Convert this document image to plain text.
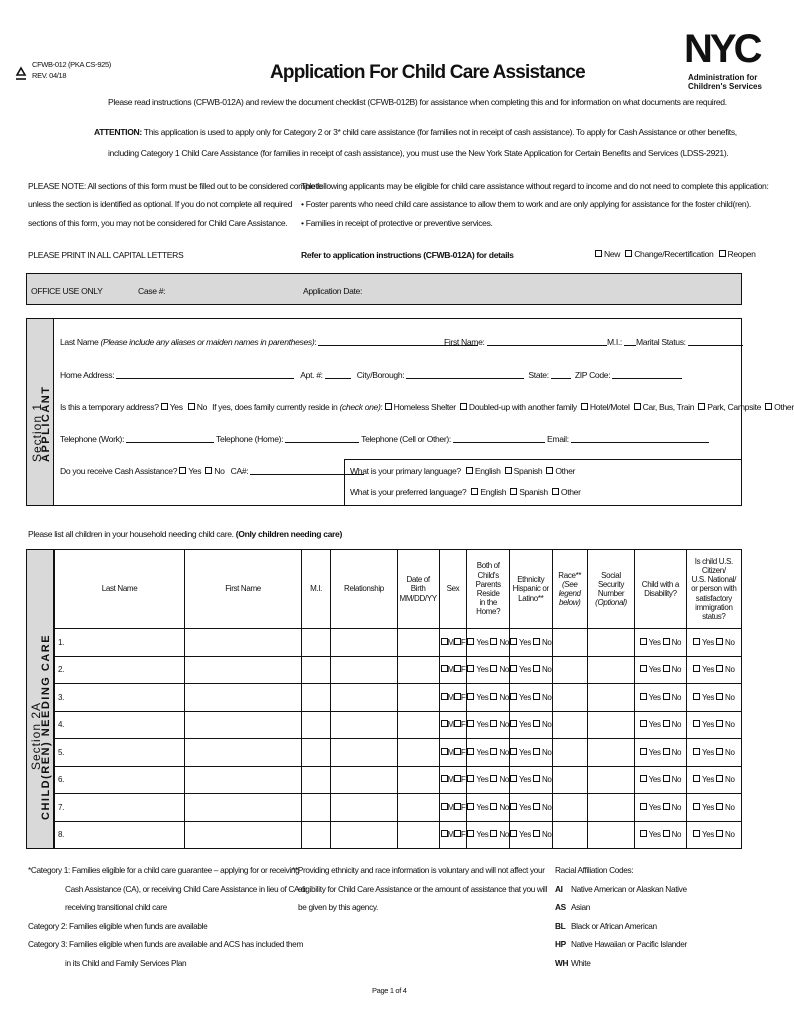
CFWB-012 (PKA CS-925)
REV. 04/18	Application For Child Care Assistance
NYC
Administration for
Children's Services
Please read instructions (CFWB-012A) and review the document checklist (CFWB-012B) for assistance when completing this and for information on what documents are required.
ATTENTION: This application is used to apply only for Category 2 or 3* child care assistance (for families not in receipt of cash assistance). To apply for Cash Assistance or other benefits,
including Category 1 Child Care Assistance (for families in receipt of cash assistance), you must use the New York State Application for Certain Benefits and Services (LDSS-2921).
PLEASE NOTE: All sections of this form must be filled out to be considered complete
unless the section is identified as optional. If you do not complete all required
sections of this form, you may not be considered for Child Care Assistance.
The following applicants may be eligible for child care assistance without regard to income and do not need to complete this application:
• Foster parents who need child care assistance to allow them to work and are only applying for assistance for the foster child(ren).
• Families in receipt of protective or preventive services.
PLEASE PRINT IN ALL CAPITAL LETTERS	Refer to application instructions (CFWB-012A) for details	New Change/Recertification Reopen
OFFICE USE ONLY	Case #:	Application Date:
Section 1
APPLICANT
Last Name (Please include any aliases or maiden names in parentheses):	First Name:	M.I.:	Marital Status:
Home Address:	Apt. #:	City/Borough:	State:	ZIP Code:
Is this a temporary address? Yes No If yes, does family currently reside in (check one): Homeless Shelter Doubled-up with another family Hotel/Motel Car, Bus, Train Park, Campsite Other
Telephone (Work):	Telephone (Home):	Telephone (Cell or Other):	Email:
Do you receive Cash Assistance? Yes No CA#:	What is your primary language? English Spanish Other
What is your preferred language? English Spanish Other
Please list all children in your household needing child care. (Only children needing care)
Section 2A
CHILD(REN) NEEDING CARE
Last Name	First Name	M.I.	Relationship	Date of
Birth
MM/DD/YY	Sex	Both of Child's
Parents Reside
in the Home?	Ethnicity
Hispanic or
Latino**	Race**
(See legend
below)	Social Security
Number
(Optional)	Child with a
Disability?	Is child U.S. Citizen/
U.S. National/
or person with
satisfactory
immigration status?
1.					M F	Yes No	Yes No			Yes No	Yes No
2.					M F	Yes No	Yes No			Yes No	Yes No
3.					M F	Yes No	Yes No			Yes No	Yes No
4.					M F	Yes No	Yes No			Yes No	Yes No
5.					M F	Yes No	Yes No			Yes No	Yes No
6.					M F	Yes No	Yes No			Yes No	Yes No
7.					M F	Yes No	Yes No			Yes No	Yes No
8.					M F	Yes No	Yes No			Yes No	Yes No
*Category 1: Families eligible for a child care guarantee – applying for or receiving
Cash Assistance (CA), or receiving Child Care Assistance in lieu of CA or
receiving transitional child care
Category 2: Families eligible when funds are available
Category 3: Families eligible when funds are available and ACS has included them
in its Child and Family Services Plan
**Providing ethnicity and race information is voluntary and will not affect your
eligibility for Child Care Assistance or the amount of assistance that you will
be given by this agency.
Racial Affiliation Codes:
AI Native American or Alaskan Native
AS Asian
BL Black or African American
HP Native Hawaiian or Pacific Islander
WH White
Page 1 of 4
